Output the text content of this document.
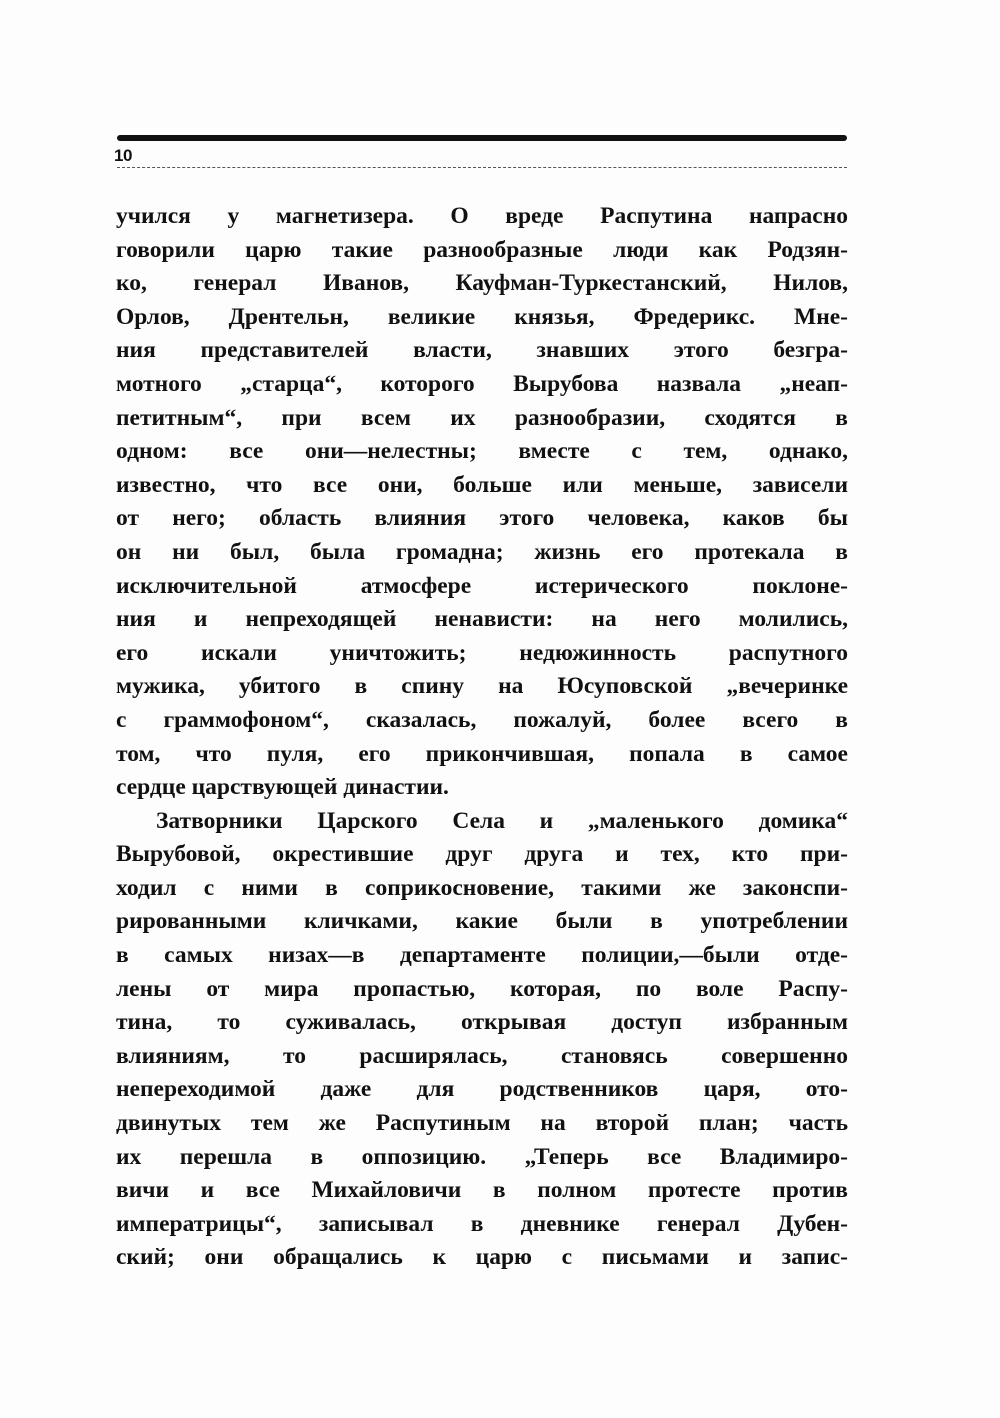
10
учился у магнетизера. О вреде Распутина напрасно
говорили царю такие разнообразные люди как Родзян-
ко, генерал Иванов, Кауфман-Туркестанский, Нилов,
Орлов, Дрентельн, великие князья, Фредерикс. Мне-
ния представителей власти, знавших этого безгра-
мотного „старца“, которого Вырубова назвала „неап-
петитным“, при всем их разнообразии, сходятся в
одном: все они—нелестны; вместе с тем, однако,
известно, что все они, больше или меньше, зависели
от него; область влияния этого человека, каков бы
он ни был, была громадна; жизнь его протекала в
исключительной атмосфере истерического поклоне-
ния и непреходящей ненависти: на него молились,
его искали уничтожить; недюжинность распутного
мужика, убитого в спину на Юсуповской „вечеринке
с граммофоном“, сказалась, пожалуй, более всего в
том, что пуля, его прикончившая, попала в самое
сердце царствующей династии.
Затворники Царского Села и „маленького домика“
Вырубовой, окрестившие друг друга и тех, кто при-
ходил с ними в соприкосновение, такими же законспи-
рированными кличками, какие были в употреблении
в самых низах—в департаменте полиции,—были отде-
лены от мира пропастью, которая, по воле Распу-
тина, то суживалась, открывая доступ избранным
влияниям, то расширялась, становясь совершенно
непереходимой даже для родственников царя, ото-
двинутых тем же Распутиным на второй план; часть
их перешла в оппозицию. „Теперь все Владимиро-
вичи и все Михайловичи в полном протесте против
императрицы“, записывал в дневнике генерал Дубен-
ский; они обращались к царю с письмами и запис-
